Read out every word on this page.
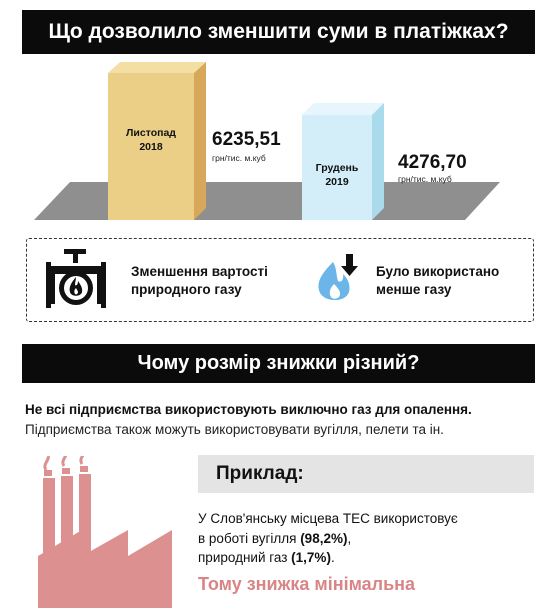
Що дозволило зменшити суми в платіжках?
Листопад
2018	6235,51
грн/тис. м.куб
Грудень
2019
4276,70
грн/тис. м.куб
Зменшення вартості
природного газу
Було використано
менше газу
Чому розмір знижки різний?
Не всі підприємства використовують виключно газ для опалення.
Підприємства також можуть використовувати вугілля, пелети та ін.
Приклад:
У Слов'янську місцева ТЕС використовує
в роботі вугілля (98,2%),
природний газ (1,7%).
Тому знижка мінімальна
